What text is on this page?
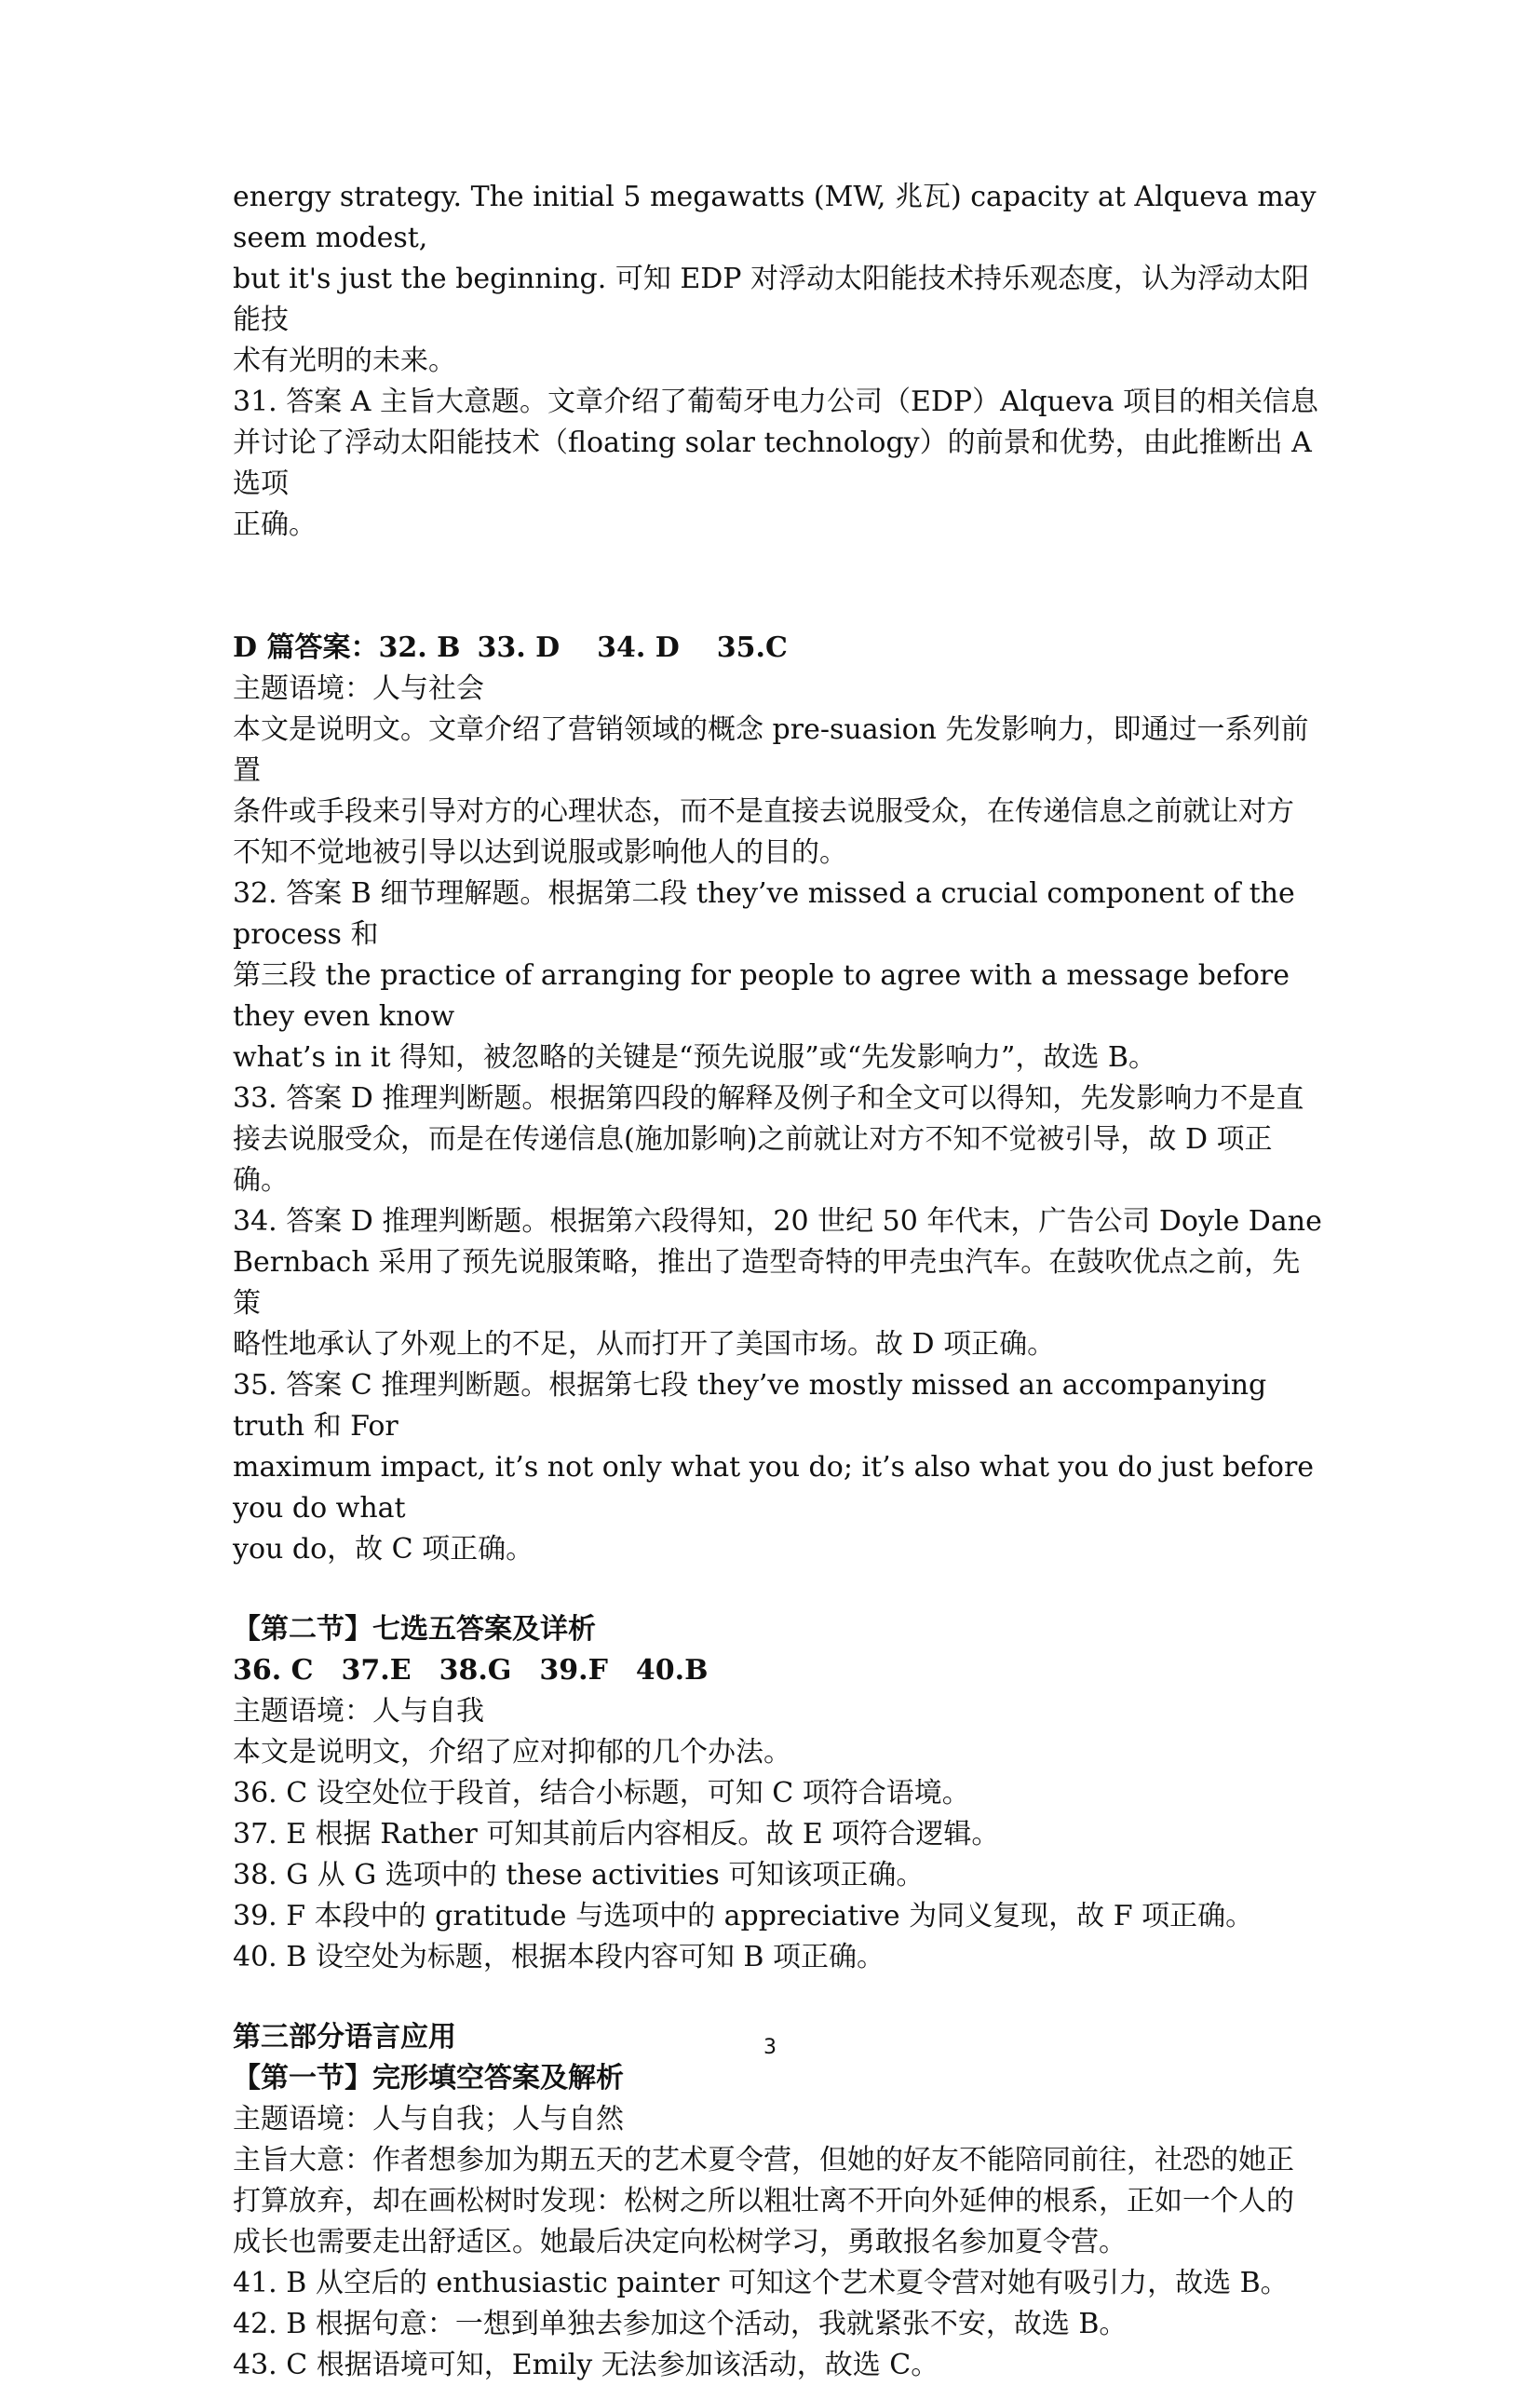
energy strategy. The initial 5 megawatts (MW, 兆瓦) capacity at Alqueva may seem modest,

but it's just the beginning. 可知 EDP 对浮动太阳能技术持乐观态度，认为浮动太阳能技

术有光明的未来。

31. 答案 A 主旨大意题。文章介绍了葡萄牙电力公司（EDP）Alqueva 项目的相关信息

并讨论了浮动太阳能技术（floating solar technology）的前景和优势，由此推断出 A 选项

正确。

D 篇答案：32. B 33. D 34. D 35.C

主题语境：人与社会

本文是说明文。文章介绍了营销领域的概念 pre-suasion 先发影响力，即通过一系列前置

条件或手段来引导对方的心理状态，而不是直接去说服受众，在传递信息之前就让对方

不知不觉地被引导以达到说服或影响他人的目的。

32. 答案 B 细节理解题。根据第二段 they’ve missed a crucial component of the process 和

第三段 the practice of arranging for people to agree with a message before they even know

what’s in it 得知，被忽略的关键是“预先说服”或“先发影响力”，故选 B。

33. 答案 D 推理判断题。根据第四段的解释及例子和全文可以得知，先发影响力不是直

接去说服受众，而是在传递信息(施加影响)之前就让对方不知不觉被引导，故 D 项正确。

34. 答案 D 推理判断题。根据第六段得知，20 世纪 50 年代末，广告公司 Doyle Dane

Bernbach 采用了预先说服策略，推出了造型奇特的甲壳虫汽车。在鼓吹优点之前，先策

略性地承认了外观上的不足，从而打开了美国市场。故 D 项正确。

35. 答案 C 推理判断题。根据第七段 they’ve mostly missed an accompanying truth 和 For

maximum impact, it’s not only what you do; it’s also what you do just before you do what

you do，故 C 项正确。

【第二节】七选五答案及详析

36. C 37.E 38.G 39.F 40.B

主题语境：人与自我

本文是说明文，介绍了应对抑郁的几个办法。

36. C 设空处位于段首，结合小标题，可知 C 项符合语境。

37. E 根据 Rather 可知其前后内容相反。故 E 项符合逻辑。

38. G 从 G 选项中的 these activities 可知该项正确。

39. F 本段中的 gratitude 与选项中的 appreciative 为同义复现，故 F 项正确。

40. B 设空处为标题，根据本段内容可知 B 项正确。

第三部分语言应用

【第一节】完形填空答案及解析

主题语境：人与自我；人与自然

主旨大意：作者想参加为期五天的艺术夏令营，但她的好友不能陪同前往，社恐的她正

打算放弃，却在画松树时发现：松树之所以粗壮离不开向外延伸的根系，正如一个人的

成长也需要走出舒适区。她最后决定向松树学习，勇敢报名参加夏令营。

41. B 从空后的 enthusiastic painter 可知这个艺术夏令营对她有吸引力，故选 B。

42. B 根据句意：一想到单独去参加这个活动，我就紧张不安，故选 B。

43. C 根据语境可知，Emily 无法参加该活动，故选 C。

3
